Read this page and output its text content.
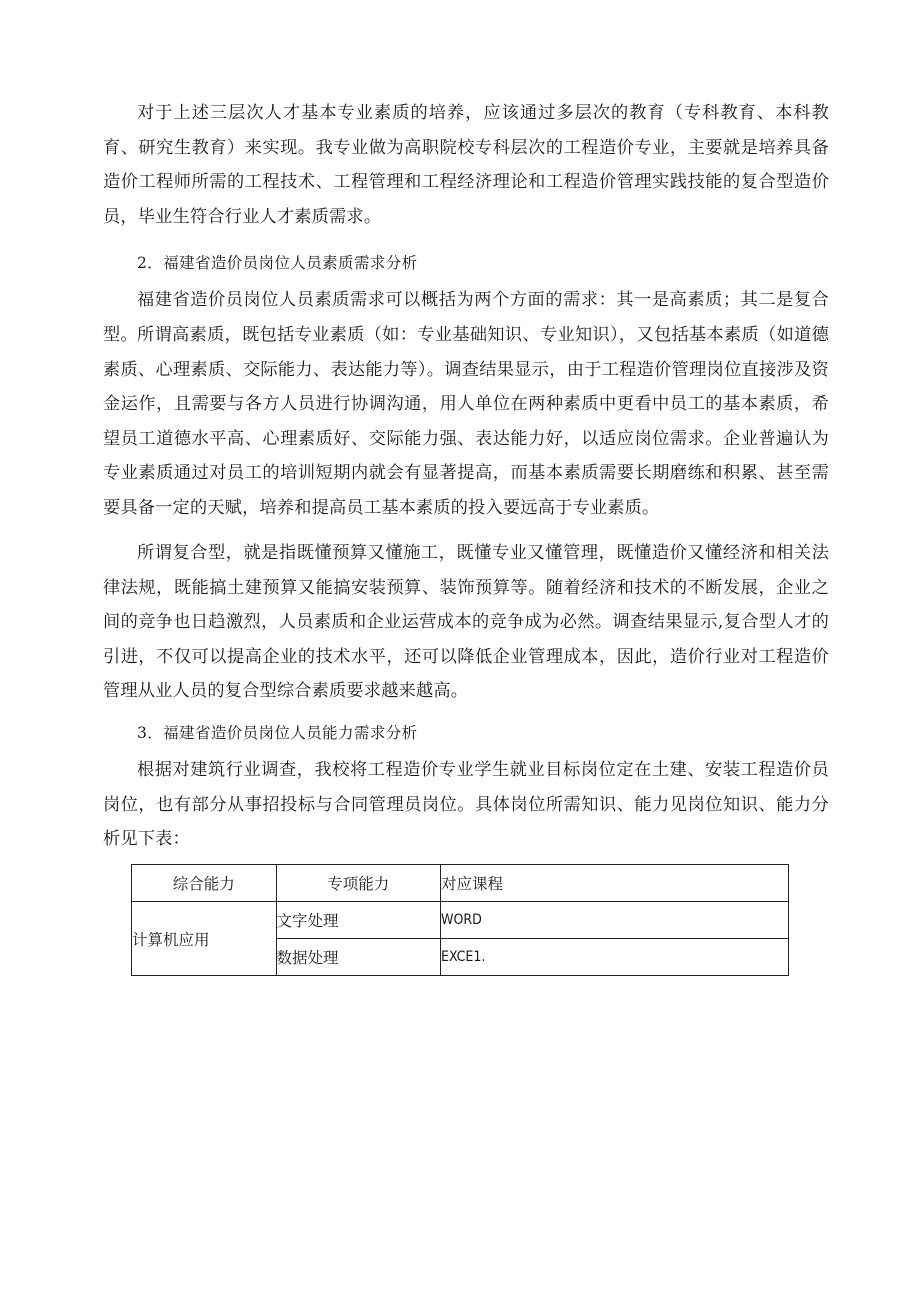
对于上述三层次人才基本专业素质的培养，应该通过多层次的教育（专科教育、本科教育、研究生教育）来实现。我专业做为高职院校专科层次的工程造价专业，主要就是培养具备造价工程师所需的工程技术、工程管理和工程经济理论和工程造价管理实践技能的复合型造价员，毕业生符合行业人才素质需求。

2．福建省造价员岗位人员素质需求分析

福建省造价员岗位人员素质需求可以概括为两个方面的需求：其一是高素质；其二是复合型。 所谓高素质，既包括专业素质（如：专业基础知识、专业知识），又包括基本素质（如道德素质、心理素质、交际能力、表达能力等）。调查结果显示，由于工程造价管理岗位直接涉及资金运作，且需要与各方人员进行协调沟通，用人单位在两种素质中更看中员工的基本素质，希望员工道德水平高、心理素质好、交际能力强、表达能力好，以适应岗位需求。企业普遍认为专业素质通过对员工的培训短期内就会有显著提高，而基本素质需要长期磨练和积累、甚至需要具备一定的天赋，培养和提高员工基本素质的投入要远高于专业素质。

所谓复合型，就是指既懂预算又懂施工，既懂专业又懂管理，既懂造价又懂经济和相关法律法规，既能搞土建预算又能搞安装预算、装饰预算等。随着经济和技术的不断发展，企业之间的竞争也日趋激烈，人员素质和企业运营成本的竞争成为必然。调查结果显示,复合型人才的引进，不仅可以提高企业的技术水平，还可以降低企业管理成本，因此，造价行业对工程造价管理从业人员的复合型综合素质要求越来越高。

3．福建省造价员岗位人员能力需求分析

根据对建筑行业调查，我校将工程造价专业学生就业目标岗位定在土建、安装工程造价员岗位，也有部分从事招投标与合同管理员岗位。具体岗位所需知识、能力见岗位知识、能力分析见下表：

综合能力	专项能力	对应课程
计算机应用	文字处理	WORD
	数据处理	EXCE1.
